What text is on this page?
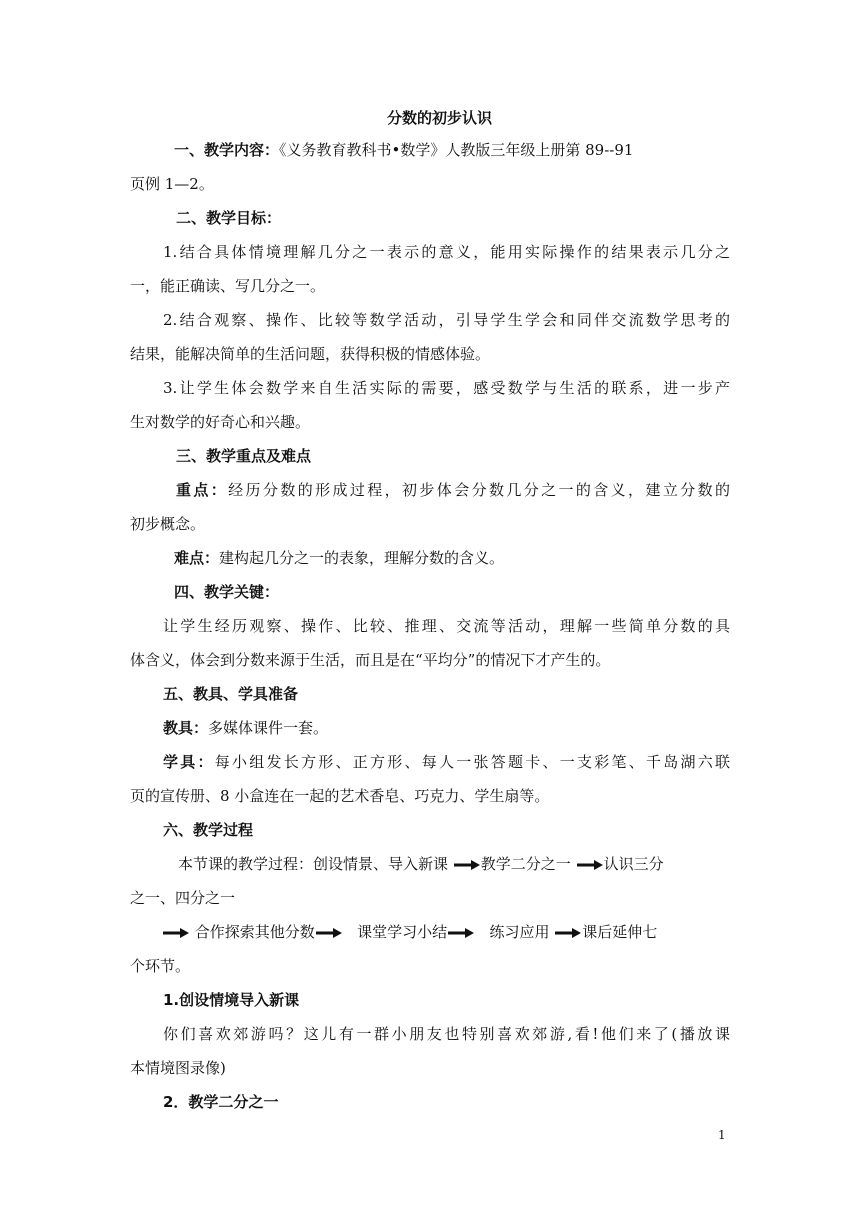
分数的初步认识
一、教学内容：《义务教育教科书•数学》人教版三年级上册第 89--91
页例 1—2。
二、教学目标：
1.结合具体情境理解几分之一表示的意义，能用实际操作的结果表示几分之
一，能正确读、写几分之一。
2.结合观察、操作、比较等数学活动，引导学生学会和同伴交流数学思考的
结果，能解决简单的生活问题，获得积极的情感体验。
3.让学生体会数学来自生活实际的需要，感受数学与生活的联系，进一步产
生对数学的好奇心和兴趣。
三、教学重点及难点
重点：经历分数的形成过程，初步体会分数几分之一的含义，建立分数的
初步概念。
难点：建构起几分之一的表象，理解分数的含义。
四、教学关键：
让学生经历观察、操作、比较、推理、交流等活动，理解一些简单分数的具
体含义，体会到分数来源于生活，而且是在“平均分”的情况下才产生的。
五、教具、学具准备
教具：多媒体课件一套。
学具：每小组发长方形、正方形、每人一张答题卡、一支彩笔、千岛湖六联
页的宣传册、8 小盒连在一起的艺术香皂、巧克力、学生扇等。
六、教学过程
本节课的教学过程：创设情景、导入新课 教学二分之一 认识三分
之一、四分之一
合作探索其他分数	课堂学习小结	练习应用 课后延伸七
个环节。
1.创设情境导入新课
你们喜欢郊游吗？这儿有一群小朋友也特别喜欢郊游,看!他们来了(播放课
本情境图录像)
2．教学二分之一
1
